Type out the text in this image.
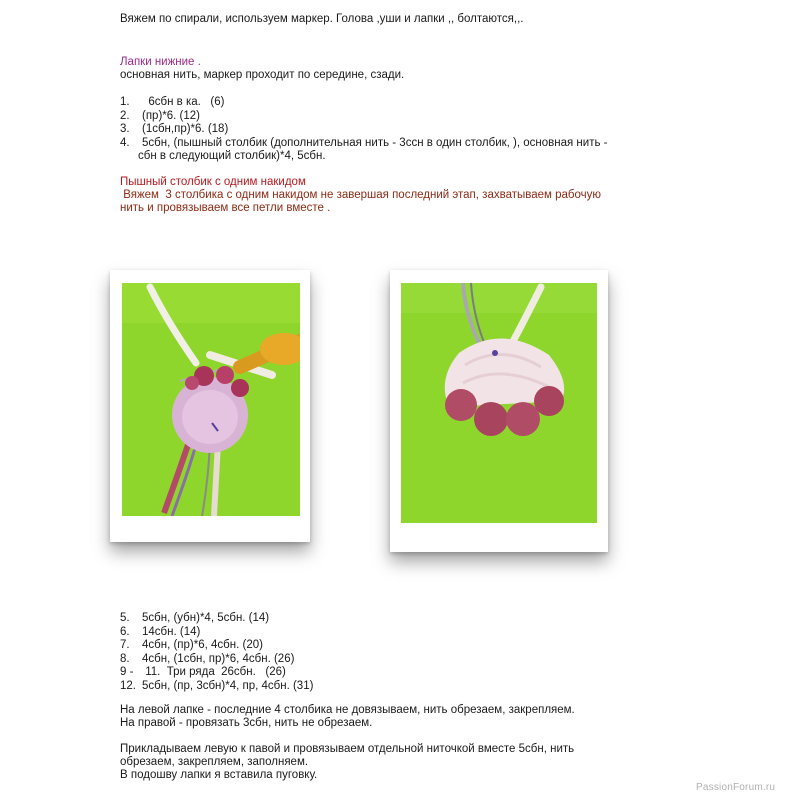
Вяжем по спирали, используем маркер. Голова ,уши и лапки ,, болтаются,,.
Лапки нижние .
основная нить, маркер проходит по середине, сзади.
1.	6сбн в ка.   (6)
2.	(пр)*6. (12)
3.	(1сбн,пр)*6. (18)
4.	5сбн, (пышный столбик (дополнительная нить - 3ссн в один столбик, ), основная нить -
сбн в следующий столбик)*4, 5сбн.
Пышный столбик с одним накидом
Вяжем  3 столбика с одним накидом не завершая последний этап, захватываем рабочую
нить и провязываем все петли вместе .
5.	5сбн, (убн)*4, 5сбн. (14)
6.	14сбн. (14)
7.	4сбн, (пр)*6, 4сбн. (20)
8.	4сбн, (1сбн, пр)*6, 4сбн. (26)
9 - 11.  Три ряда  26сбн.   (26)
12. 5сбн, (пр, 3сбн)*4, пр, 4сбн. (31)
На левой лапке - последние 4 столбика не довязываем, нить обрезаем, закрепляем.
На правой - провязать 3сбн, нить не обрезаем.
Прикладываем левую к павой и провязываем отдельной ниточкой вместе 5сбн, нить
обрезаем, закрепляем, заполняем.
В подошву лапки я вставила пуговку.
PassionForum.ru
